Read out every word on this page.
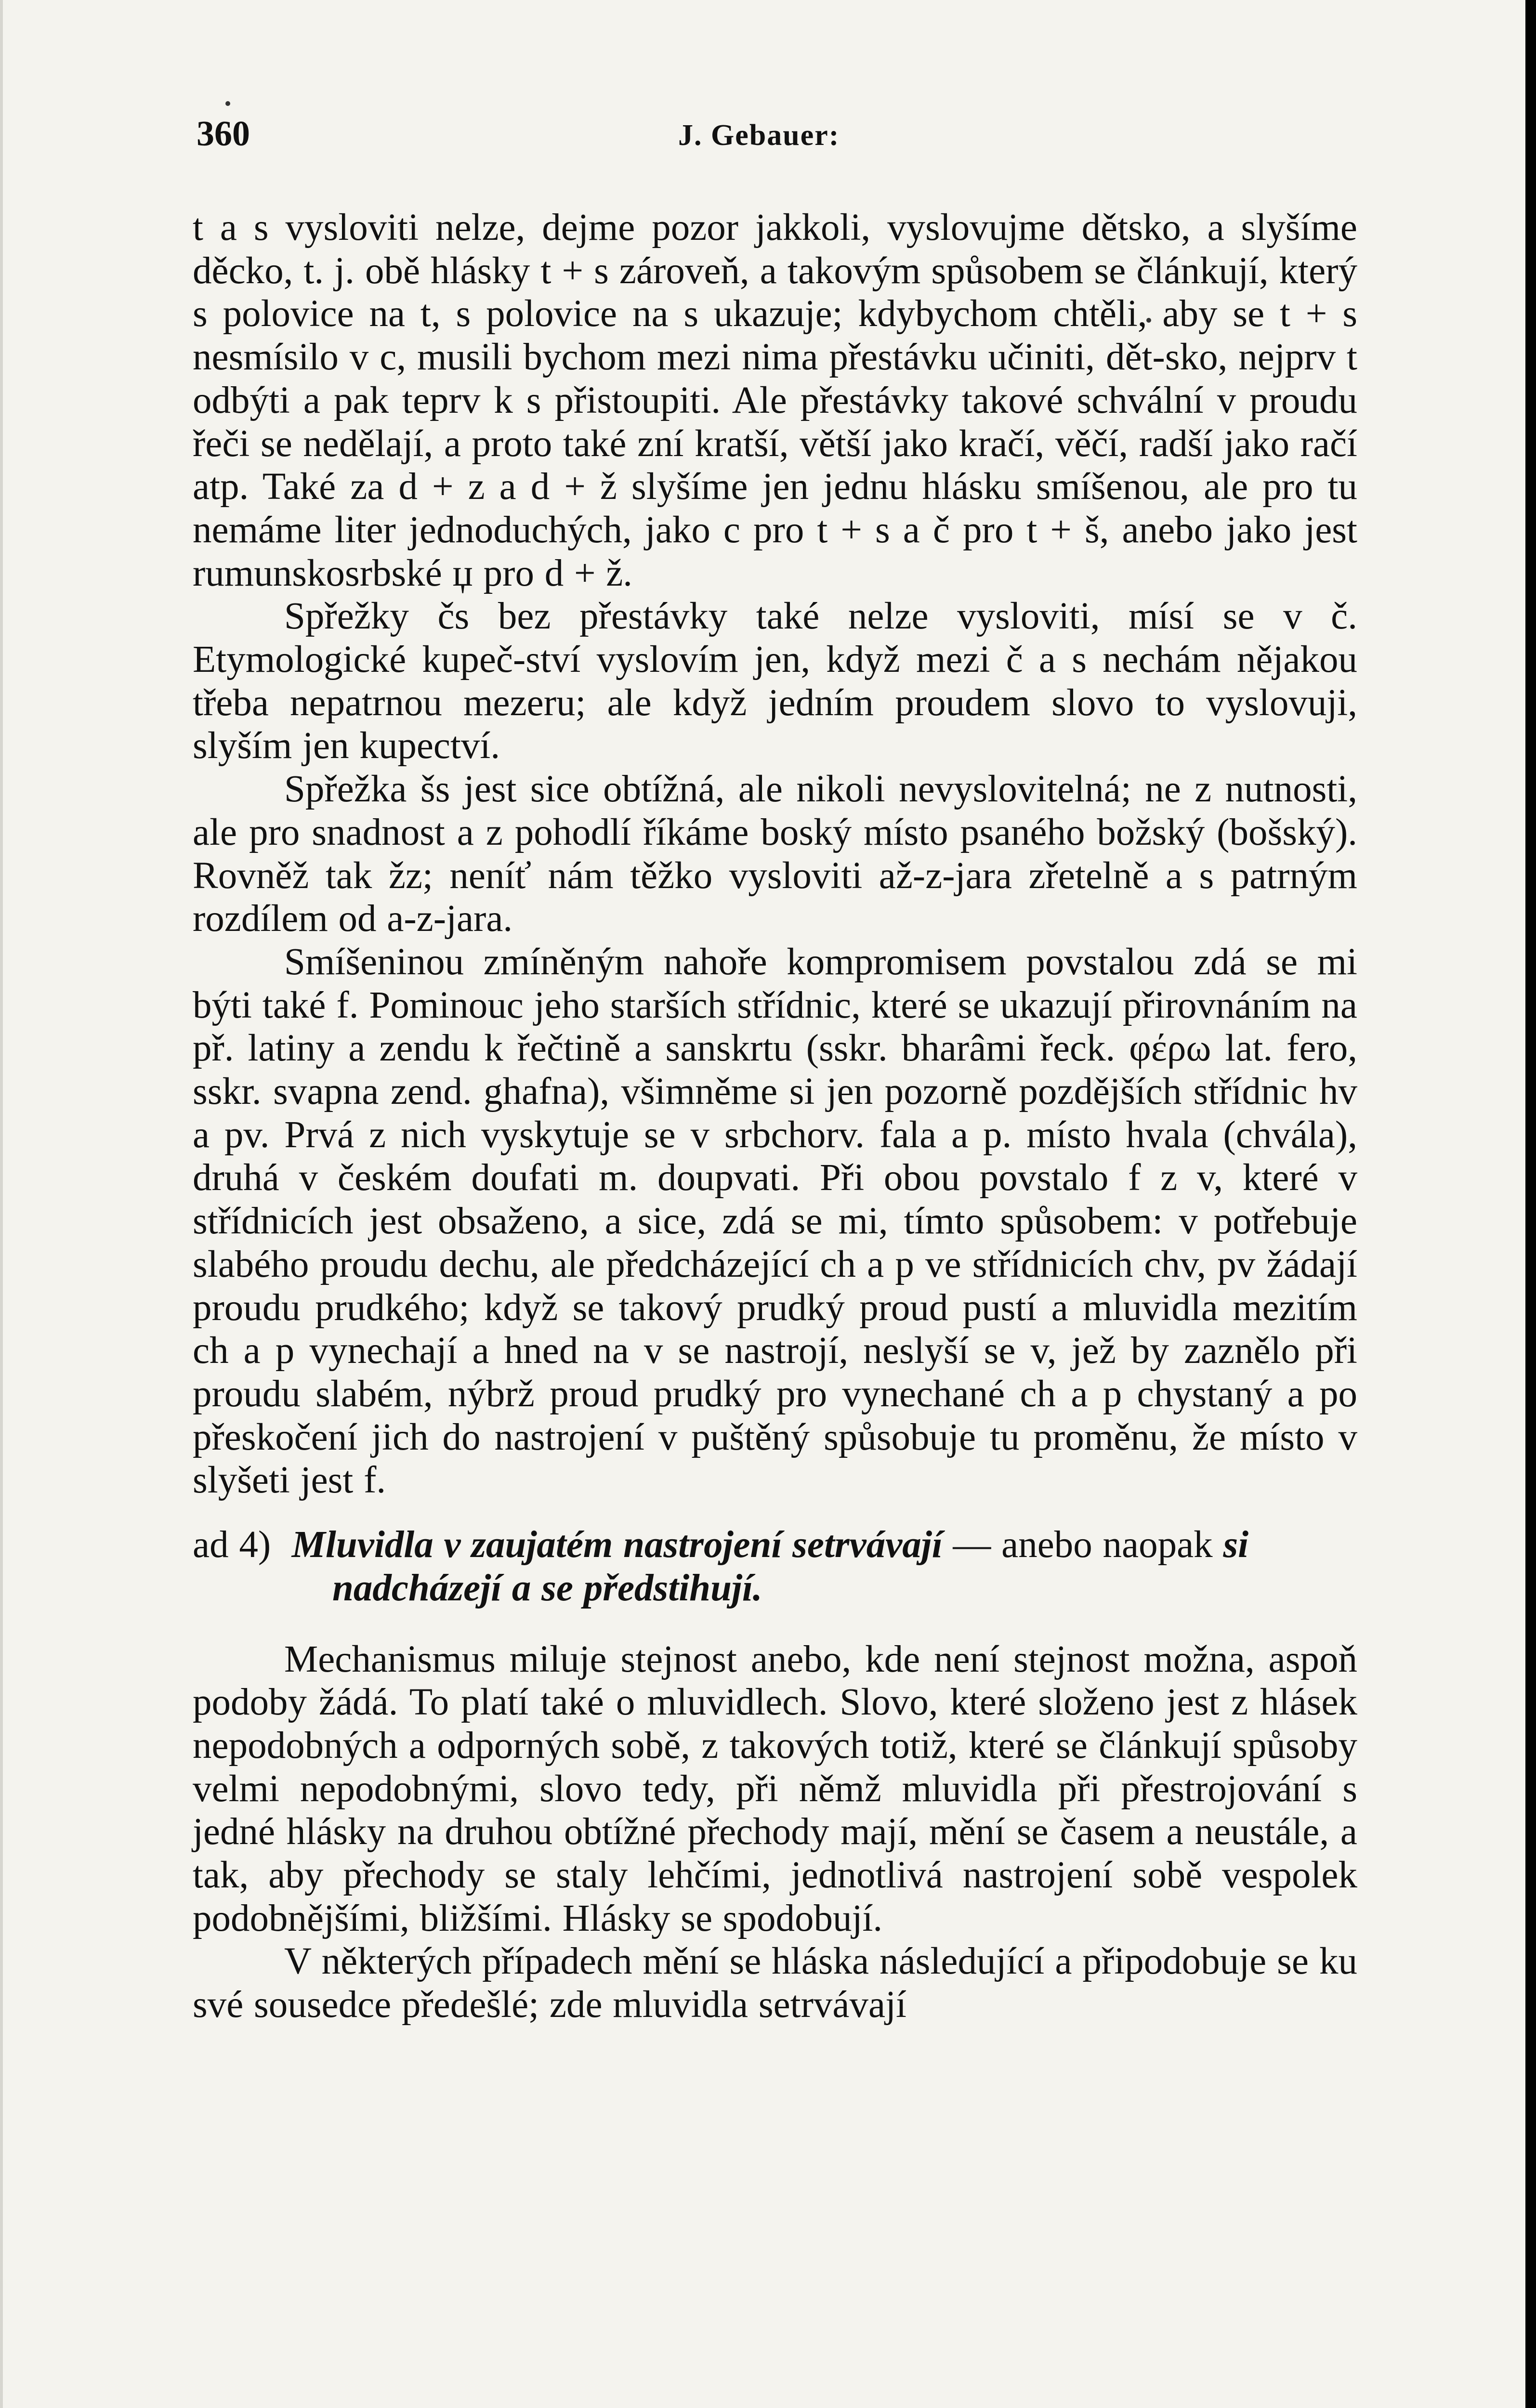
360	J. Gebauer:

t a s vysloviti nelze, dejme pozor jakkoli, vyslovujme dětsko, a slyšíme děcko, t. j. obě hlásky t + s zároveň, a takovým spůsobem se článkují, který s polovice na t, s polovice na s ukazuje; kdybychom chtěli, aby se t + s nesmísilo v c, musili bychom mezi nima přestávku učiniti, dět-sko, nejprv t odbýti a pak teprv k s přistoupiti. Ale přestávky takové schvální v proudu řeči se nedělají, a proto také zní kratší, větší jako kračí, věčí, radší jako račí atp. Také za d + z a d + ž slyšíme jen jednu hlásku smíšenou, ale pro tu nemáme liter jednoduchých, jako c pro t + s a č pro t + š, anebo jako jest rumunskosrbské џ pro d + ž.

Spřežky čs bez přestávky také nelze vysloviti, mísí se v č. Etymologické kupeč-ství vyslovím jen, když mezi č a s nechám nějakou třeba nepatrnou mezeru; ale když jedním proudem slovo to vyslovuji, slyším jen kupectví.

Spřežka šs jest sice obtížná, ale nikoli nevyslovitelná; ne z nutnosti, ale pro snadnost a z pohodlí říkáme boský místo psaného božský (bošský). Rovněž tak žz; neníť nám těžko vysloviti až-z-jara zřetelně a s patrným rozdílem od a-z-jara.

Smíšeninou zmíněným nahoře kompromisem povstalou zdá se mi býti také f. Pominouc jeho starších střídnic, které se ukazují přirovnáním na př. latiny a zendu k řečtině a sanskrtu (sskr. bharâmi řeck. φέρω lat. fero, sskr. svapna zend. ghafna), všimněme si jen pozorně pozdějších střídnic hv a pv. Prvá z nich vyskytuje se v srbchorv. fala a p. místo hvala (chvála), druhá v českém doufati m. doupvati. Při obou povstalo f z v, které v střídnicích jest obsaženo, a sice, zdá se mi, tímto spůsobem: v potřebuje slabého proudu dechu, ale předcházející ch a p ve střídnicích chv, pv žádají proudu prudkého; když se takový prudký proud pustí a mluvidla mezitím ch a p vynechají a hned na v se nastrojí, neslyší se v, jež by zaznělo při proudu slabém, nýbrž proud prudký pro vynechané ch a p chystaný a po přeskočení jich do nastrojení v puštěný spůsobuje tu proměnu, že místo v slyšeti jest f.

ad 4) Mluvidla v zaujatém nastrojení setrvávají — anebo naopak si nadcházejí a se předstihují.

Mechanismus miluje stejnost anebo, kde není stejnost možna, aspoň podoby žádá. To platí také o mluvidlech. Slovo, které složeno jest z hlásek nepodobných a odporných sobě, z takových totiž, které se článkují spůsoby velmi nepodobnými, slovo tedy, při němž mluvidla při přestrojování s jedné hlásky na druhou obtížné přechody mají, mění se časem a neustále, a tak, aby přechody se staly lehčími, jednotlivá nastrojení sobě vespolek podobnějšími, bližšími. Hlásky se spodobují.

V některých případech mění se hláska následující a připodobuje se ku své sousedce předešlé; zde mluvidla setrvávají
